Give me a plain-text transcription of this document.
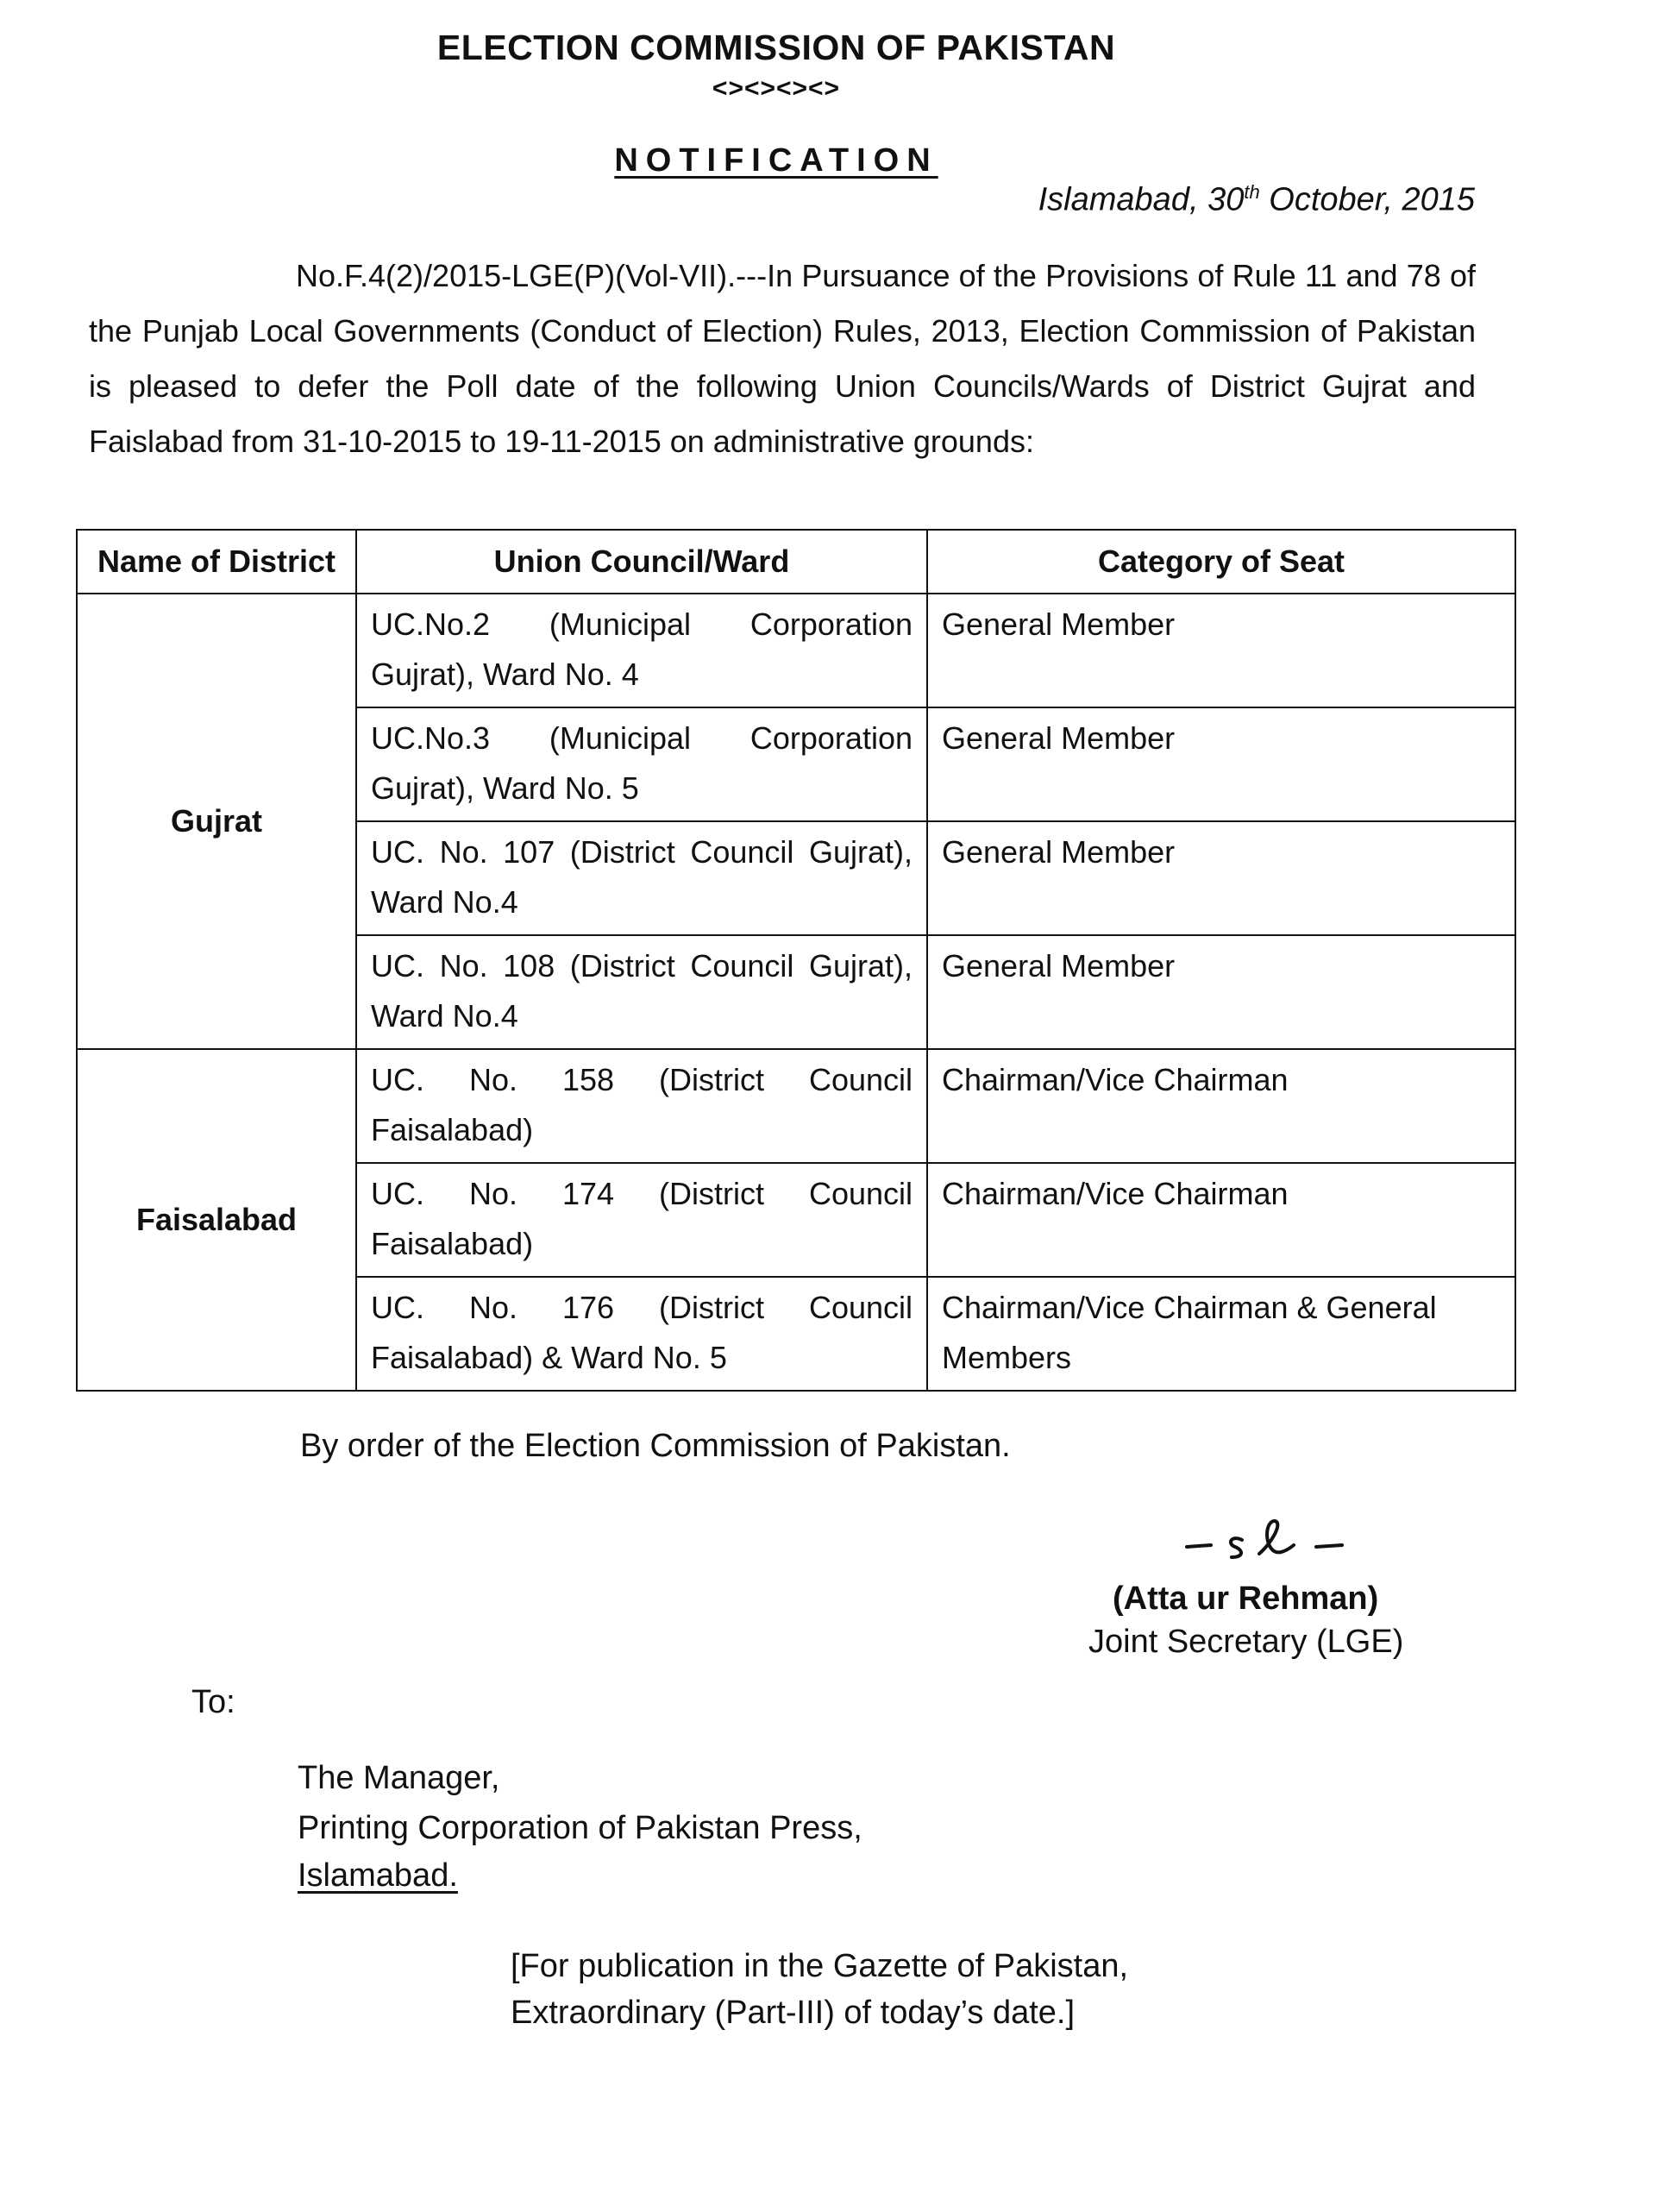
ELECTION COMMISSION OF PAKISTAN
<><><><>
NOTIFICATION
Islamabad, 30th October, 2015
No.F.4(2)/2015-LGE(P)(Vol-VII).---In Pursuance of the Provisions of Rule 11 and 78 of the Punjab Local Governments (Conduct of Election) Rules, 2013, Election Commission of Pakistan is pleased to defer the Poll date of the following Union Councils/Wards of District Gujrat and Faislabad from 31-10-2015 to 19-11-2015 on administrative grounds:
Name of District	Union Council/Ward	Category of Seat
Gujrat	UC.No.2 (Municipal Corporation Gujrat), Ward No. 4	General Member
	UC.No.3 (Municipal Corporation Gujrat), Ward No. 5	General Member
	UC. No. 107 (District Council Gujrat), Ward No.4	General Member
	UC. No. 108 (District Council Gujrat), Ward No.4	General Member
Faisalabad	UC. No. 158 (District Council Faisalabad)	Chairman/Vice Chairman
	UC. No. 174 (District Council Faisalabad)	Chairman/Vice Chairman
	UC. No. 176 (District Council Faisalabad) & Ward No. 5	Chairman/Vice Chairman & General Members
By order of the Election Commission of Pakistan.
(Atta ur Rehman)
Joint Secretary (LGE)
To:
The Manager,
Printing Corporation of Pakistan Press,
Islamabad.
[For publication in the Gazette of Pakistan,
Extraordinary (Part-III) of today’s date.]
